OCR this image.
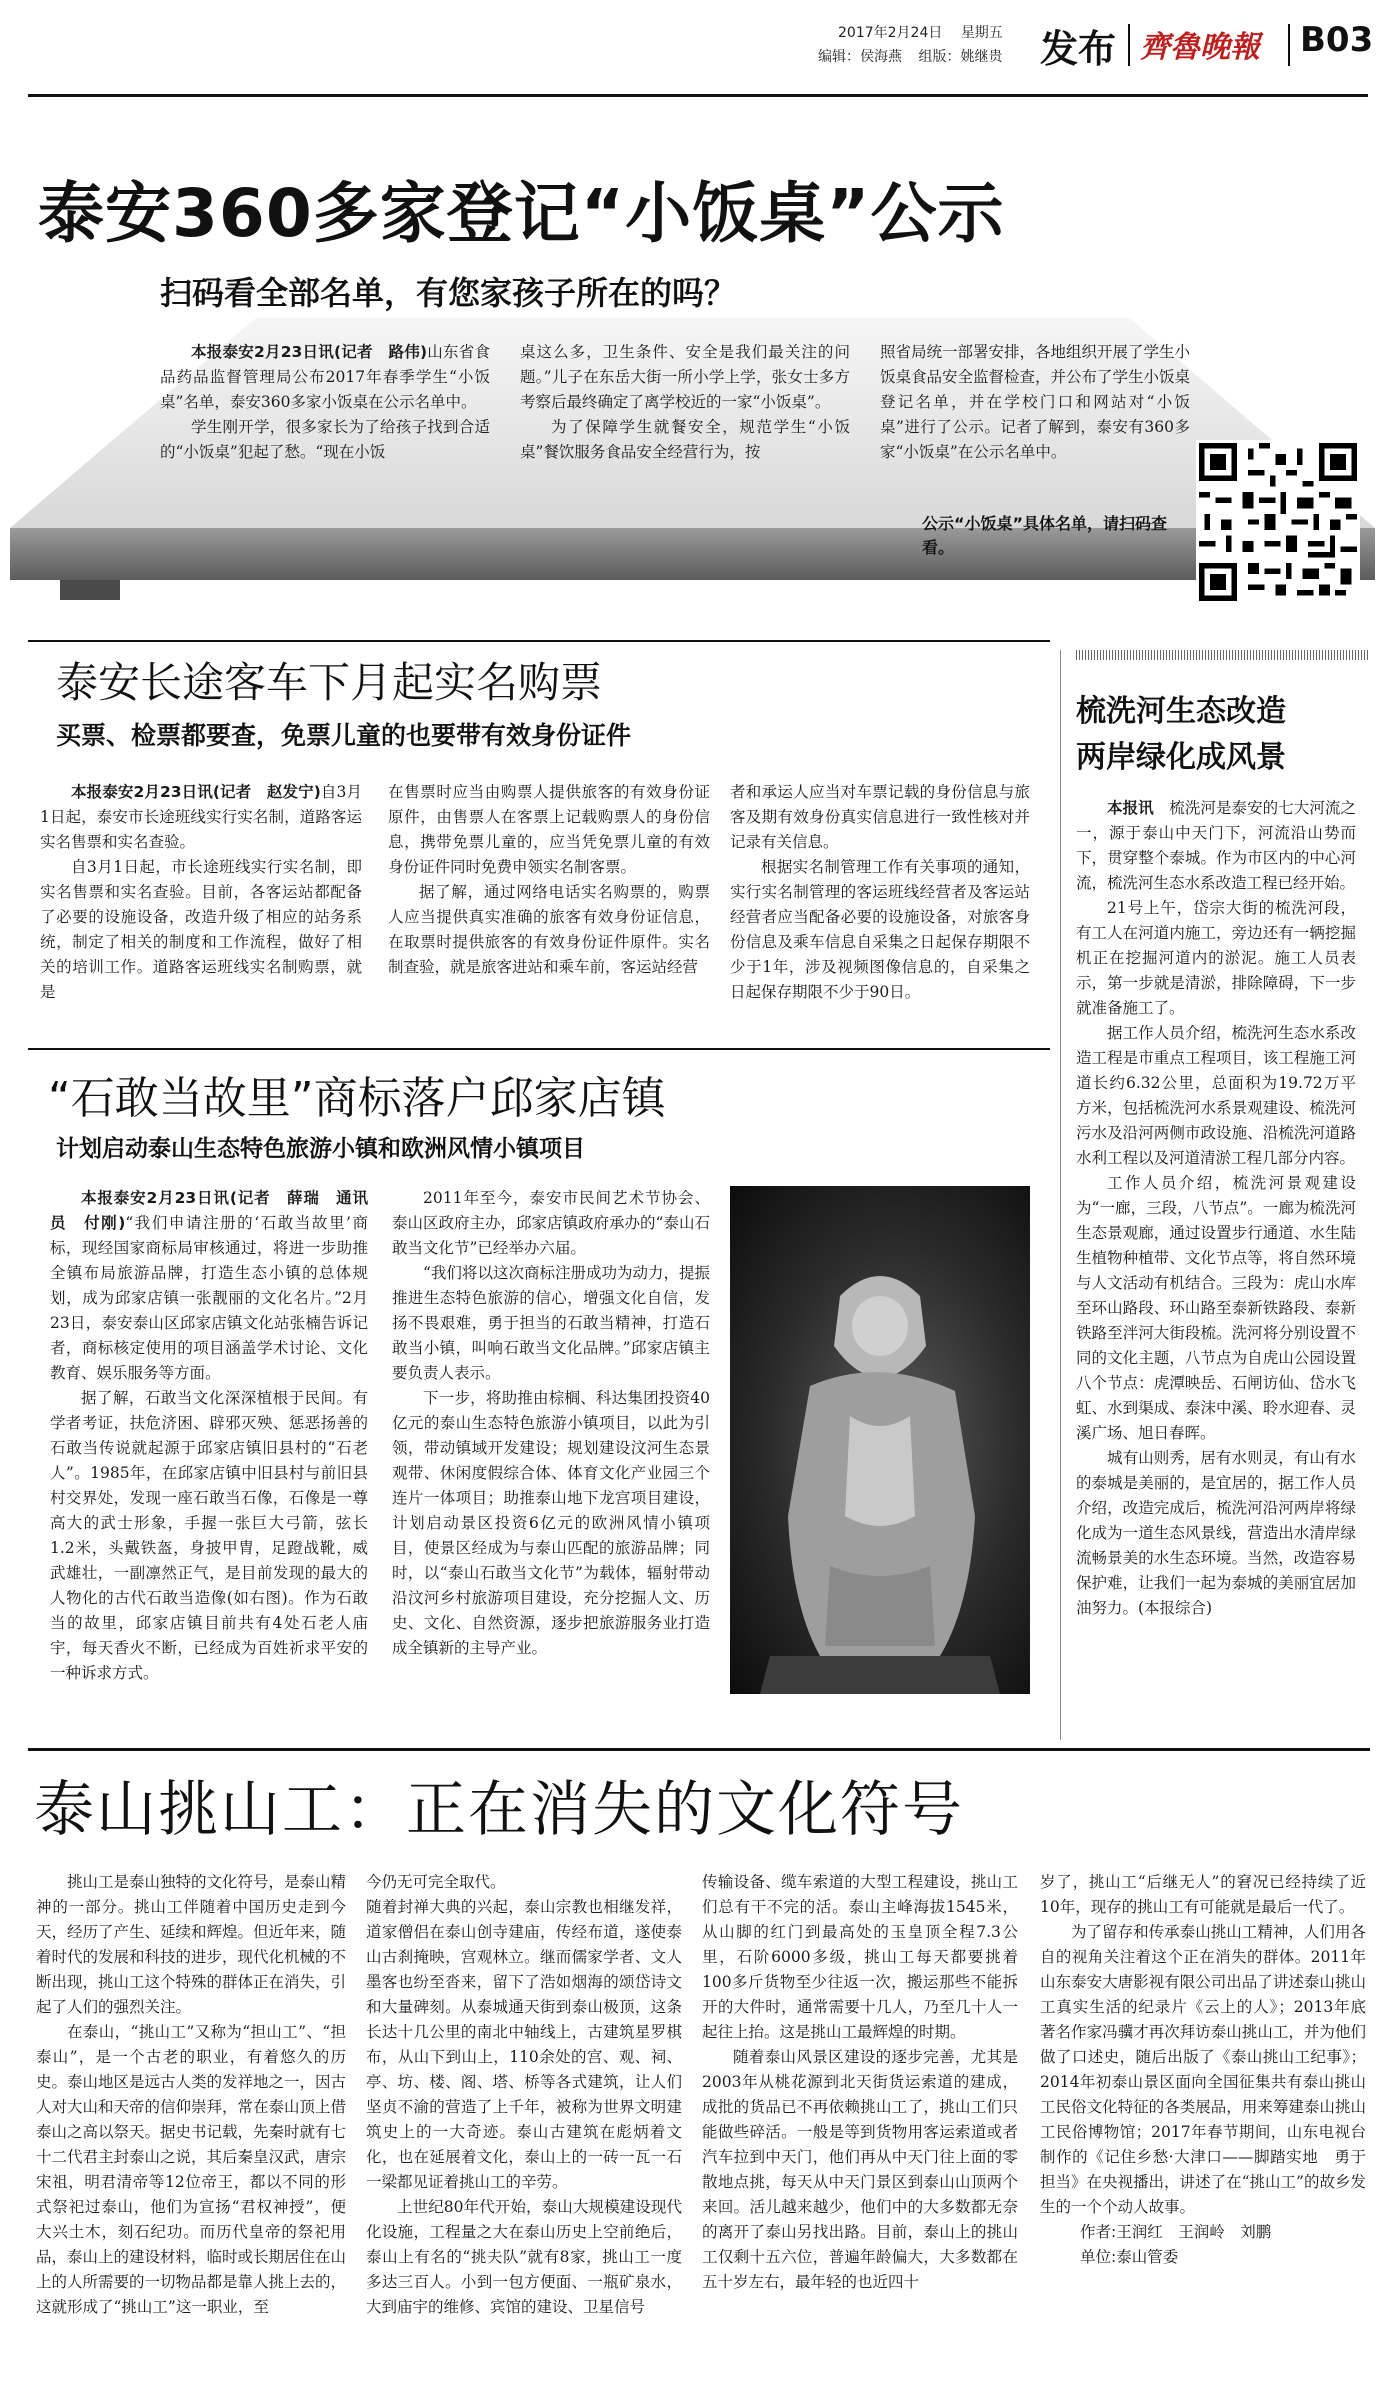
2017年2月24日 星期五
编辑：侯海燕 组版：姚继贵 发布 齊魯晚報 B03
泰安360多家登记“小饭桌”公示
扫码看全部名单，有您家孩子所在的吗？

本报泰安2月23日讯(记者　路伟)山东省食品药品监督管理局公布2017年春季学生“小饭桌”名单，泰安360多家小饭桌在公示名单中。

学生刚开学，很多家长为了给孩子找到合适的“小饭桌”犯起了愁。“现在小饭

桌这么多，卫生条件、安全是我们最关注的问题。”儿子在东岳大街一所小学上学，张女士多方考察后最终确定了离学校近的一家“小饭桌”。

为了保障学生就餐安全，规范学生“小饭桌”餐饮服务食品安全经营行为，按

照省局统一部署安排，各地组织开展了学生小饭桌食品安全监督检查，并公布了学生小饭桌登记名单，并在学校门口和网站对“小饭桌”进行了公示。记者了解到，泰安有360多家“小饭桌”在公示名单中。

公示“小饭桌”具体名单，请扫码查看。
泰安长途客车下月起实名购票
买票、检票都要查，免票儿童的也要带有效身份证件

本报泰安2月23日讯(记者　赵发宁)自3月1日起，泰安市长途班线实行实名制，道路客运实名售票和实名查验。

自3月1日起，市长途班线实行实名制，即实名售票和实名查验。目前，各客运站都配备了必要的设施设备，改造升级了相应的站务系统，制定了相关的制度和工作流程，做好了相关的培训工作。道路客运班线实名制购票，就是

在售票时应当由购票人提供旅客的有效身份证原件，由售票人在客票上记载购票人的身份信息，携带免票儿童的，应当凭免票儿童的有效身份证件同时免费申领实名制客票。

据了解，通过网络电话实名购票的，购票人应当提供真实准确的旅客有效身份证信息，在取票时提供旅客的有效身份证件原件。实名制查验，就是旅客进站和乘车前，客运站经营

者和承运人应当对车票记载的身份信息与旅客及期有效身份真实信息进行一致性核对并记录有关信息。

根据实名制管理工作有关事项的通知，实行实名制管理的客运班线经营者及客运站经营者应当配备必要的设施设备，对旅客身份信息及乘车信息自采集之日起保存期限不少于1年，涉及视频图像信息的，自采集之日起保存期限不少于90日。

“石敢当故里”商标落户邱家店镇
计划启动泰山生态特色旅游小镇和欧洲风情小镇项目

本报泰安2月23日讯(记者　薛瑞　通讯员　付刚)“我们申请注册的‘石敢当故里’商标，现经国家商标局审核通过，将进一步助推全镇布局旅游品牌，打造生态小镇的总体规划，成为邱家店镇一张靓丽的文化名片。”2月23日，泰安泰山区邱家店镇文化站张楠告诉记者，商标核定使用的项目涵盖学术讨论、文化教育、娱乐服务等方面。

据了解，石敢当文化深深植根于民间。有学者考证，扶危济困、辟邪灭殃、惩恶扬善的石敢当传说就起源于邱家店镇旧县村的“石老人”。1985年，在邱家店镇中旧县村与前旧县村交界处，发现一座石敢当石像，石像是一尊高大的武士形象，手握一张巨大弓箭，弦长1.2米，头戴铁盔，身披甲胄，足蹬战靴，威武雄壮，一副凛然正气，是目前发现的最大的人物化的古代石敢当造像(如右图)。作为石敢当的故里，邱家店镇目前共有4处石老人庙宇，每天香火不断，已经成为百姓祈求平安的一种诉求方式。

2011年至今，泰安市民间艺术节协会、泰山区政府主办，邱家店镇政府承办的“泰山石敢当文化节”已经举办六届。

“我们将以这次商标注册成功为动力，提振推进生态特色旅游的信心，增强文化自信，发扬不畏艰难，勇于担当的石敢当精神，打造石敢当小镇，叫响石敢当文化品牌。”邱家店镇主要负责人表示。

下一步，将助推由棕榈、科达集团投资40亿元的泰山生态特色旅游小镇项目，以此为引领，带动镇域开发建设；规划建设汶河生态景观带、休闲度假综合体、体育文化产业园三个连片一体项目；助推泰山地下龙宫项目建设，计划启动景区投资6亿元的欧洲风情小镇项目，使景区经成为与泰山匹配的旅游品牌；同时，以“泰山石敢当文化节”为载体，辐射带动沿汶河乡村旅游项目建设，充分挖掘人文、历史、文化、自然资源，逐步把旅游服务业打造成全镇新的主导产业。

梳洗河生态改造
两岸绿化成风景

本报讯　 梳洗河是泰安的七大河流之一，源于泰山中天门下，河流沿山势而下，贯穿整个泰城。作为市区内的中心河流，梳洗河生态水系改造工程已经开始。

21号上午，岱宗大街的梳洗河段，有工人在河道内施工，旁边还有一辆挖掘机正在挖掘河道内的淤泥。施工人员表示，第一步就是清淤，排除障碍，下一步就准备施工了。

据工作人员介绍，梳洗河生态水系改造工程是市重点工程项目，该工程施工河道长约6.32公里，总面积为19.72万平方米，包括梳洗河水系景观建设、梳洗河污水及沿河两侧市政设施、沿梳洗河道路水利工程以及河道清淤工程几部分内容。

工作人员介绍，梳洗河景观建设为“一廊，三段，八节点”。一廊为梳洗河生态景观廊，通过设置步行通道、水生陆生植物种植带、文化节点等，将自然环境与人文活动有机结合。三段为：虎山水库至环山路段、环山路至泰新铁路段、泰新铁路至泮河大街段梳。洗河将分别设置不同的文化主题，八节点为自虎山公园设置八个节点：虎潭映岳、石闸访仙、岱水飞虹、水到渠成、泰沫中溪、聆水迎春、灵溪广场、旭日春晖。

城有山则秀，居有水则灵，有山有水的泰城是美丽的，是宜居的，据工作人员介绍，改造完成后，梳洗河沿河两岸将绿化成为一道生态风景线，营造出水清岸绿流畅景美的水生态环境。当然，改造容易保护难，让我们一起为泰城的美丽宜居加油努力。(本报综合)

泰山挑山工：正在消失的文化符号

挑山工是泰山独特的文化符号，是泰山精神的一部分。挑山工伴随着中国历史走到今天，经历了产生、延续和辉煌。但近年来，随着时代的发展和科技的进步，现代化机械的不断出现，挑山工这个特殊的群体正在消失，引起了人们的强烈关注。

在泰山，“挑山工”又称为“担山工”、“担泰山”，是一个古老的职业，有着悠久的历史。泰山地区是远古人类的发祥地之一，因古人对大山和天帝的信仰崇拜，常在泰山顶上借泰山之高以祭天。据史书记载，先秦时就有七十二代君主封泰山之说，其后秦皇汉武，唐宗宋祖，明君清帝等12位帝王，都以不同的形式祭祀过泰山，他们为宣扬“君权神授”，便大兴土木，刻石纪功。而历代皇帝的祭祀用品，泰山上的建设材料，临时或长期居住在山上的人所需要的一切物品都是靠人挑上去的，这就形成了“挑山工”这一职业，至

今仍无可完全取代。

随着封禅大典的兴起，泰山宗教也相继发祥，道家僧侣在泰山创寺建庙，传经布道，遂使泰山古刹掩映，宫观林立。继而儒家学者、文人墨客也纷至沓来，留下了浩如烟海的颂岱诗文和大量碑刻。从泰城通天街到泰山极顶，这条长达十几公里的南北中轴线上，古建筑星罗棋布，从山下到山上，110余处的宫、观、祠、亭、坊、楼、阁、塔、桥等各式建筑，让人们坚贞不渝的营造了上千年，被称为世界文明建筑史上的一大奇迹。泰山古建筑在彪炳着文化，也在延展着文化，泰山上的一砖一瓦一石一梁都见证着挑山工的辛劳。

上世纪80年代开始，泰山大规模建设现代化设施，工程量之大在泰山历史上空前绝后，泰山上有名的“挑夫队”就有8家，挑山工一度多达三百人。小到一包方便面、一瓶矿泉水，大到庙宇的维修、宾馆的建设、卫星信号

传输设备、缆车索道的大型工程建设，挑山工们总有干不完的活。泰山主峰海拔1545米，从山脚的红门到最高处的玉皇顶全程7.3公里，石阶6000多级，挑山工每天都要挑着100多斤货物至少往返一次，搬运那些不能拆开的大件时，通常需要十几人，乃至几十人一起往上抬。这是挑山工最辉煌的时期。

随着泰山风景区建设的逐步完善，尤其是2003年从桃花源到北天街货运索道的建成，成批的货品已不再依赖挑山工了，挑山工们只能做些碎活。一般是等到货物用客运索道或者汽车拉到中天门，他们再从中天门往上面的零散地点挑，每天从中天门景区到泰山山顶两个来回。活儿越来越少，他们中的大多数都无奈的离开了泰山另找出路。目前，泰山上的挑山工仅剩十五六位，普遍年龄偏大，大多数都在五十岁左右，最年轻的也近四十

岁了，挑山工“后继无人”的窘况已经持续了近10年，现存的挑山工有可能就是最后一代了。

为了留存和传承泰山挑山工精神，人们用各自的视角关注着这个正在消失的群体。2011年山东泰安大唐影视有限公司出品了讲述泰山挑山工真实生活的纪录片《云上的人》；2013年底著名作家冯骥才再次拜访泰山挑山工，并为他们做了口述史，随后出版了《泰山挑山工纪事》；2014年初泰山景区面向全国征集共有泰山挑山工民俗文化特征的各类展品，用来筹建泰山挑山工民俗博物馆；2017年春节期间，山东电视台制作的《记住乡愁·大津口——脚踏实地　勇于担当》在央视播出，讲述了在“挑山工”的故乡发生的一个个动人故事。

作者:王润红　王润岭　刘鹏

单位:泰山管委
